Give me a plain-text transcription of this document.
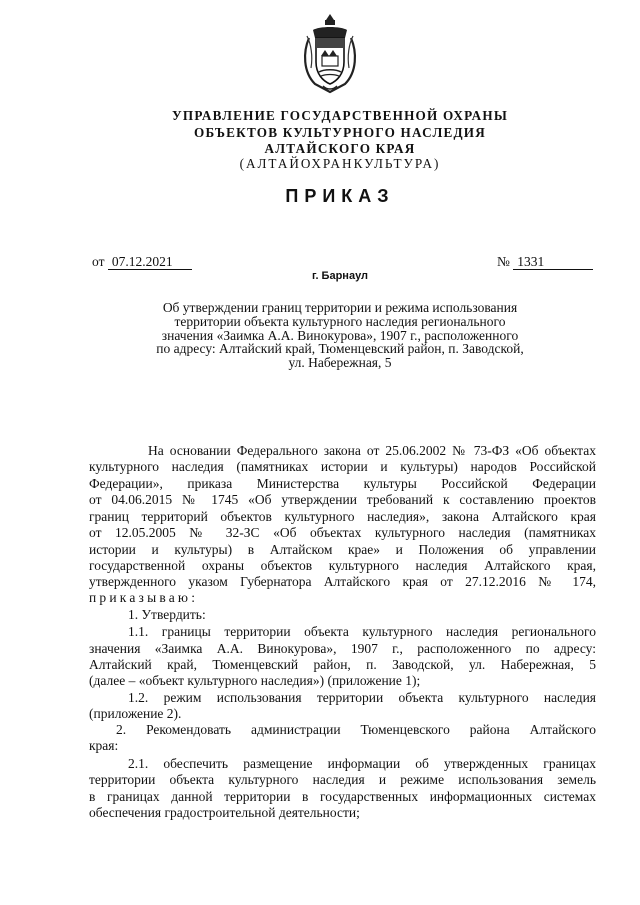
УПРАВЛЕНИЕ ГОСУДАРСТВЕННОЙ ОХРАНЫ
ОБЪЕКТОВ КУЛЬТУРНОГО НАСЛЕДИЯ
АЛТАЙСКОГО КРАЯ
(АЛТАЙОХРАНКУЛЬТУРА)
ПРИКАЗ
от 07.12.2021	№ 1331
г. Барнаул
Об утверждении границ территории и режима использования
территории объекта культурного наследия регионального
значения «Заимка А.А. Винокурова», 1907 г., расположенного
по адресу: Алтайский край, Тюменцевский район, п. Заводской,
ул. Набережная, 5
На основании Федерального закона от 25.06.2002 № 73-ФЗ «Об объектах
культурного наследия (памятниках истории и культуры) народов Российской
Федерации», приказа Министерства культуры Российской Федерации
от 04.06.2015 № 1745 «Об утверждении требований к составлению проектов
границ территорий объектов культурного наследия», закона Алтайского края
от 12.05.2005 № 32-ЗС «Об объектах культурного наследия (памятниках
истории и культуры) в Алтайском крае» и Положения об управлении
государственной охраны объектов культурного наследия Алтайского края,
утвержденного указом Губернатора Алтайского края от 27.12.2016 № 174,
приказываю:
1. Утвердить:
1.1. границы территории объекта культурного наследия регионального
значения «Заимка А.А. Винокурова», 1907 г., расположенного по адресу:
Алтайский край, Тюменцевский район, п. Заводской, ул. Набережная, 5
(далее – «объект культурного наследия») (приложение 1);
1.2. режим использования территории объекта культурного наследия
(приложение 2).
2. Рекомендовать администрации Тюменцевского района Алтайского
края:
2.1. обеспечить размещение информации об утвержденных границах
территории объекта культурного наследия и режиме использования земель
в границах данной территории в государственных информационных системах
обеспечения градостроительной деятельности;
